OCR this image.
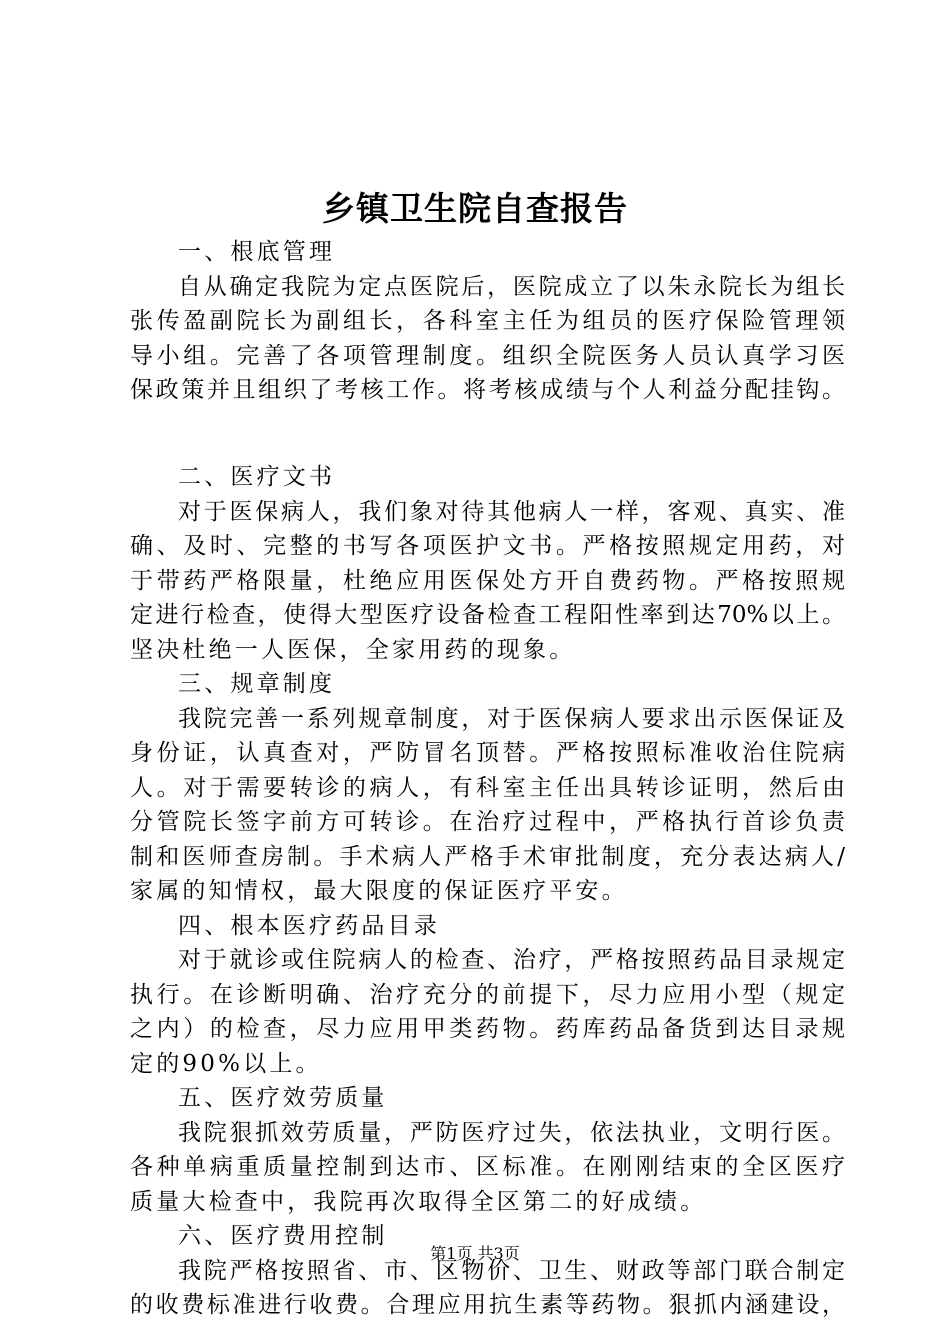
乡镇卫生院自查报告
一、根底管理
自从确定我院为定点医院后，医院成立了以朱永院长为组长
张传盈副院长为副组长，各科室主任为组员的医疗保险管理领
导小组。完善了各项管理制度。组织全院医务人员认真学习医
保政策并且组织了考核工作。将考核成绩与个人利益分配挂钩。
二、医疗文书
对于医保病人，我们象对待其他病人一样，客观、真实、准
确、及时、完整的书写各项医护文书。严格按照规定用药，对
于带药严格限量，杜绝应用医保处方开自费药物。严格按照规
定进行检查，使得大型医疗设备检查工程阳性率到达70%以上。
坚决杜绝一人医保，全家用药的现象。
三、规章制度
我院完善一系列规章制度，对于医保病人要求出示医保证及
身份证，认真查对，严防冒名顶替。严格按照标准收治住院病
人。对于需要转诊的病人，有科室主任出具转诊证明，然后由
分管院长签字前方可转诊。在治疗过程中，严格执行首诊负责
制和医师查房制。手术病人严格手术审批制度，充分表达病人/
家属的知情权，最大限度的保证医疗平安。
四、根本医疗药品目录
对于就诊或住院病人的检查、治疗，严格按照药品目录规定
执行。在诊断明确、治疗充分的前提下，尽力应用小型（规定
之内）的检查，尽力应用甲类药物。药库药品备货到达目录规
定的90%以上。
五、医疗效劳质量
我院狠抓效劳质量，严防医疗过失，依法执业，文明行医。
各种单病重质量控制到达市、区标准。在刚刚结束的全区医疗
质量大检查中，我院再次取得全区第二的好成绩。
六、医疗费用控制
我院严格按照省、市、区物价、卫生、财政等部门联合制定
的收费标准进行收费。合理应用抗生素等药物。狠抓内涵建设，
第1页 共3页
